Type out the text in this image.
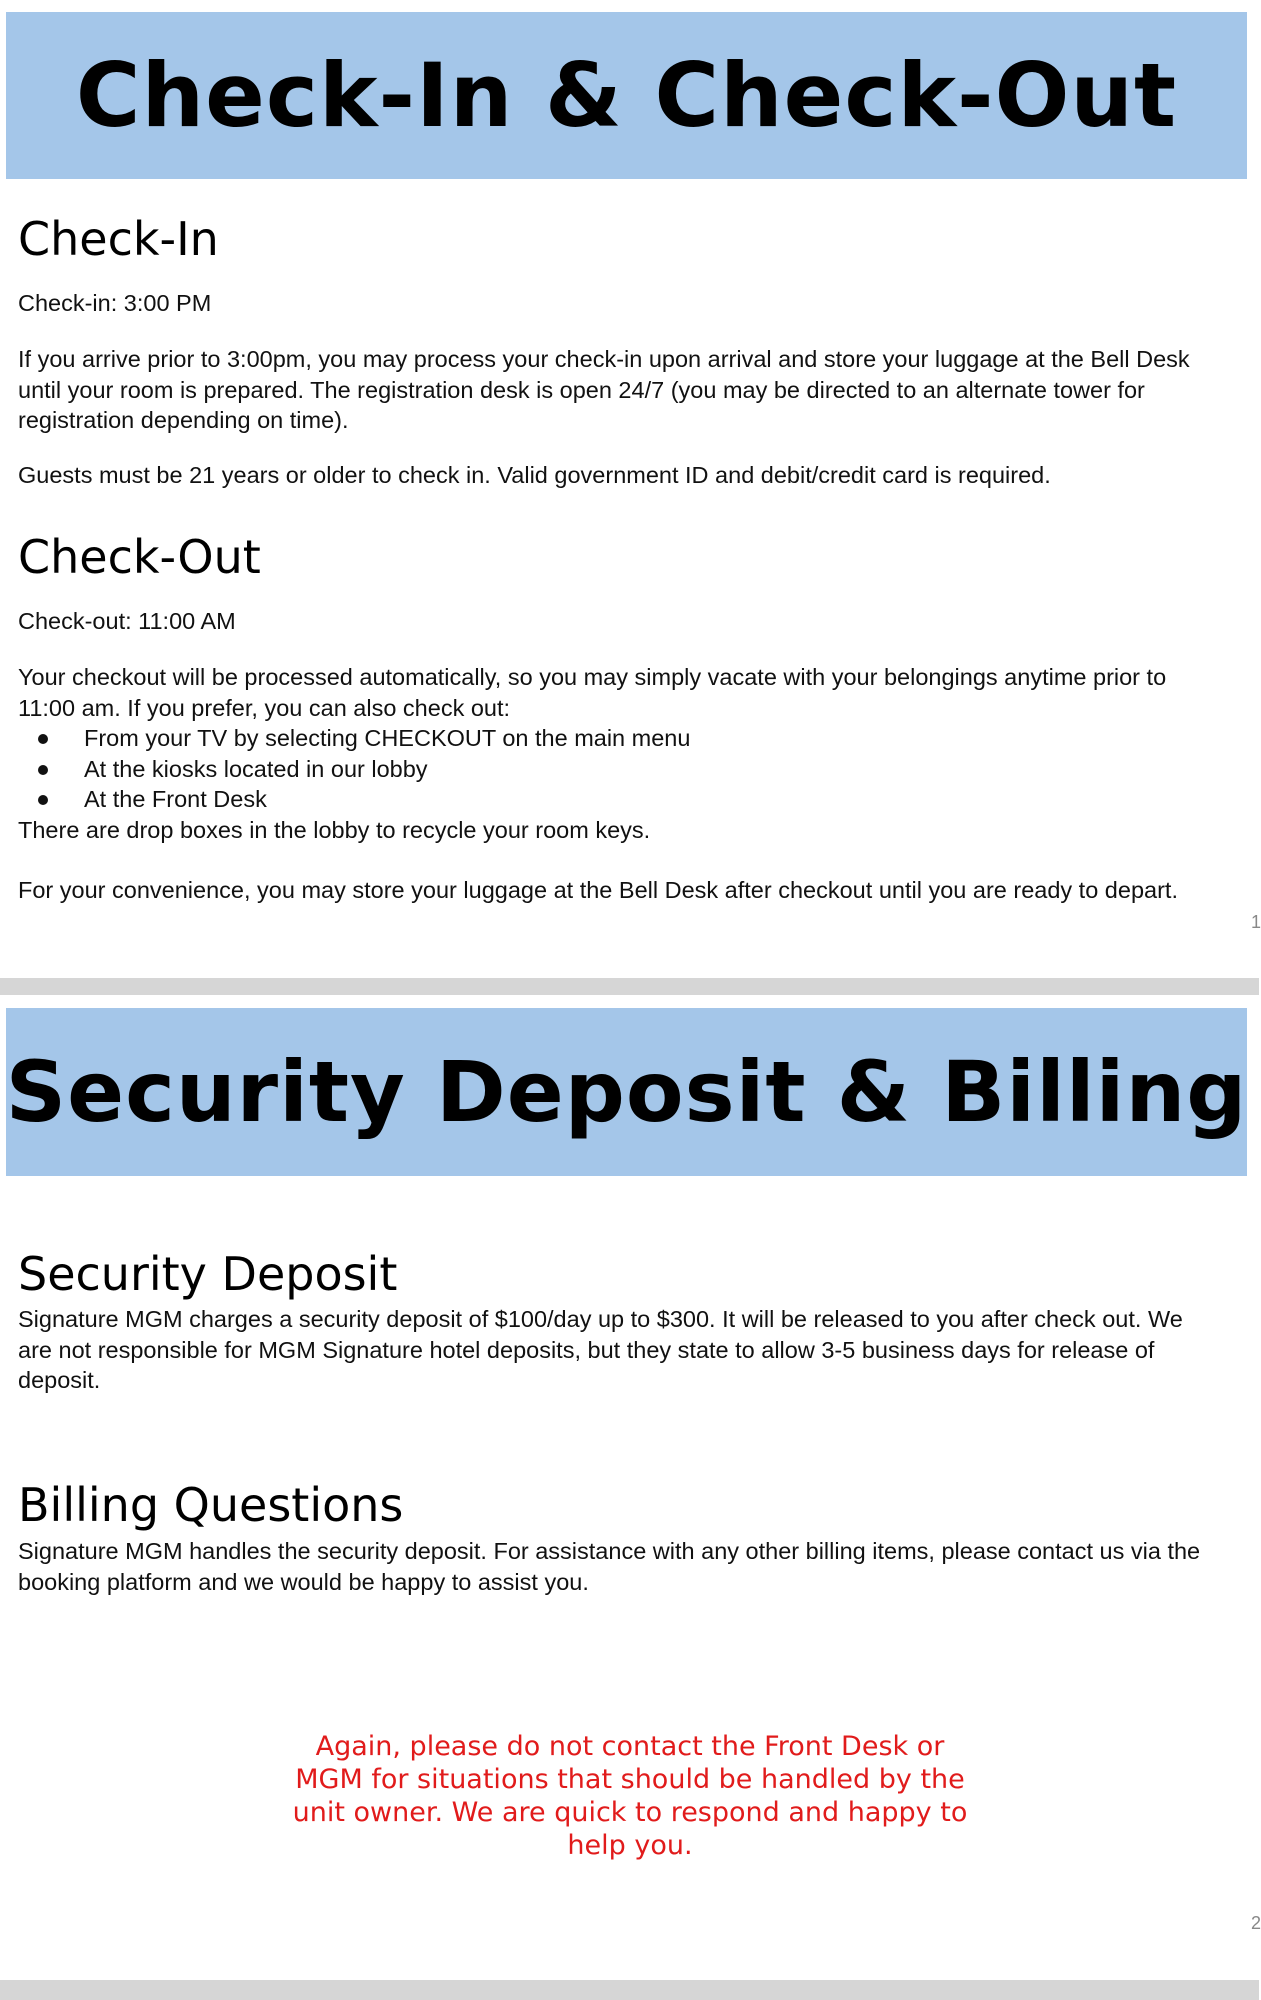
Check-In & Check-Out
Check-In

Check-in: 3:00 PM

If you arrive prior to 3:00pm, you may process your check-in upon arrival and store your luggage at the Bell Desk until your room is prepared. The registration desk is open 24/7 (you may be directed to an alternate tower for registration depending on time).

Guests must be 21 years or older to check in. Valid government ID and debit/credit card is required.

Check-Out

Check-out: 11:00 AM

Your checkout will be processed automatically, so you may simply vacate with your belongings anytime prior to 11:00 am. If you prefer, you can also check out:

From your TV by selecting CHECKOUT on the main menu
At the kiosks located in our lobby
At the Front Desk

There are drop boxes in the lobby to recycle your room keys.

For your convenience, you may store your luggage at the Bell Desk after checkout until you are ready to depart.

1
Security Deposit & Billing
Security Deposit

Signature MGM charges a security deposit of $100/day up to $300. It will be released to you after check out. We are not responsible for MGM Signature hotel deposits, but they state to allow 3-5 business days for release of deposit.

Billing Questions

Signature MGM handles the security deposit. For assistance with any other billing items, please contact us via the booking platform and we would be happy to assist you.

Again, please do not contact the Front Desk or MGM for situations that should be handled by the unit owner. We are quick to respond and happy to help you.

2
